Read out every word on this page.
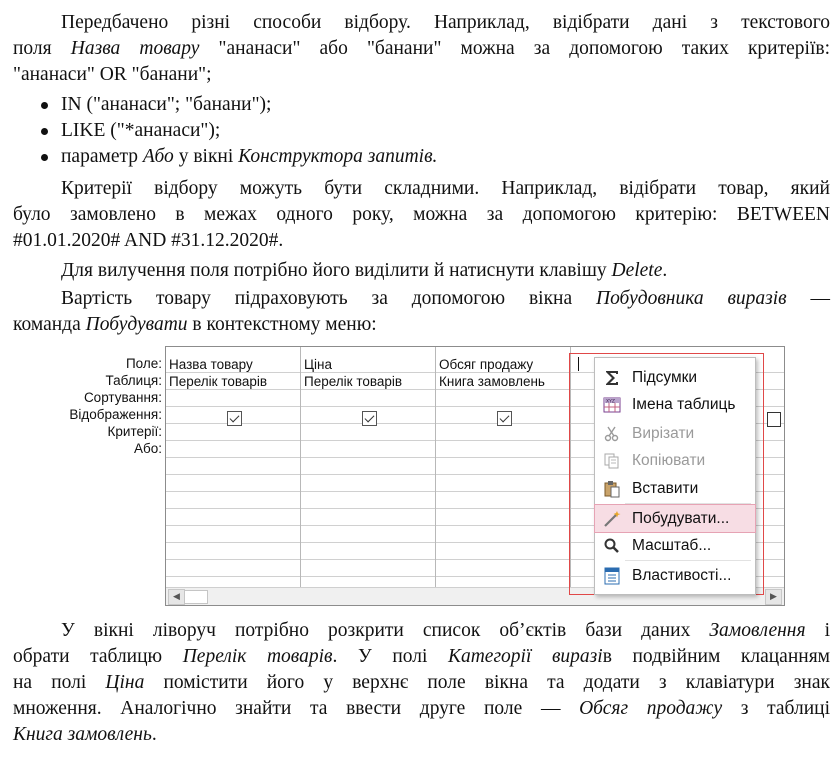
Передбачено різні способи відбору. Наприклад, відібрати дані з текстового
поля Назва товару "ананаси" або "банани" можна за допомогою таких критеріїв:
"ананаси" OR "банани";
IN ("ананаси"; "банани");
LIKE ("*ананаси");
параметр Або у вікні Конструктора запитів.
Критерії відбору можуть бути складними. Наприклад, відібрати товар, який
було замовлено в межах одного року, можна за допомогою критерію: BETWEEN
#01.01.2020# AND #31.12.2020#.
Для вилучення поля потрібно його виділити й натиснути клавішу Delete.
Вартість товару підраховують за допомогою вікна Побудовника виразів —
команда Побудувати в контекстному меню:
Поле:
Таблиця:
Сортування:
Відображення:
Критерії:
Або:
Назва товару
Перелік товарів
Ціна
Перелік товарів
Обсяг продажу
Книга замовлень
◀	▶
Підсумки
XYZ Імена таблиць
Вирізати
Копіювати
Вставити
Побудувати...
Масштаб...
Властивості...
У вікні ліворуч потрібно розкрити список об’єктів бази даних Замовлення і
обрати таблицю Перелік товарів. У полі Категорії виразів подвійним клацанням
на полі Ціна помістити його у верхнє поле вікна та додати з клавіатури знак
множення. Аналогічно знайти та ввести друге поле — Обсяг продажу з таблиці
Книга замовлень.
